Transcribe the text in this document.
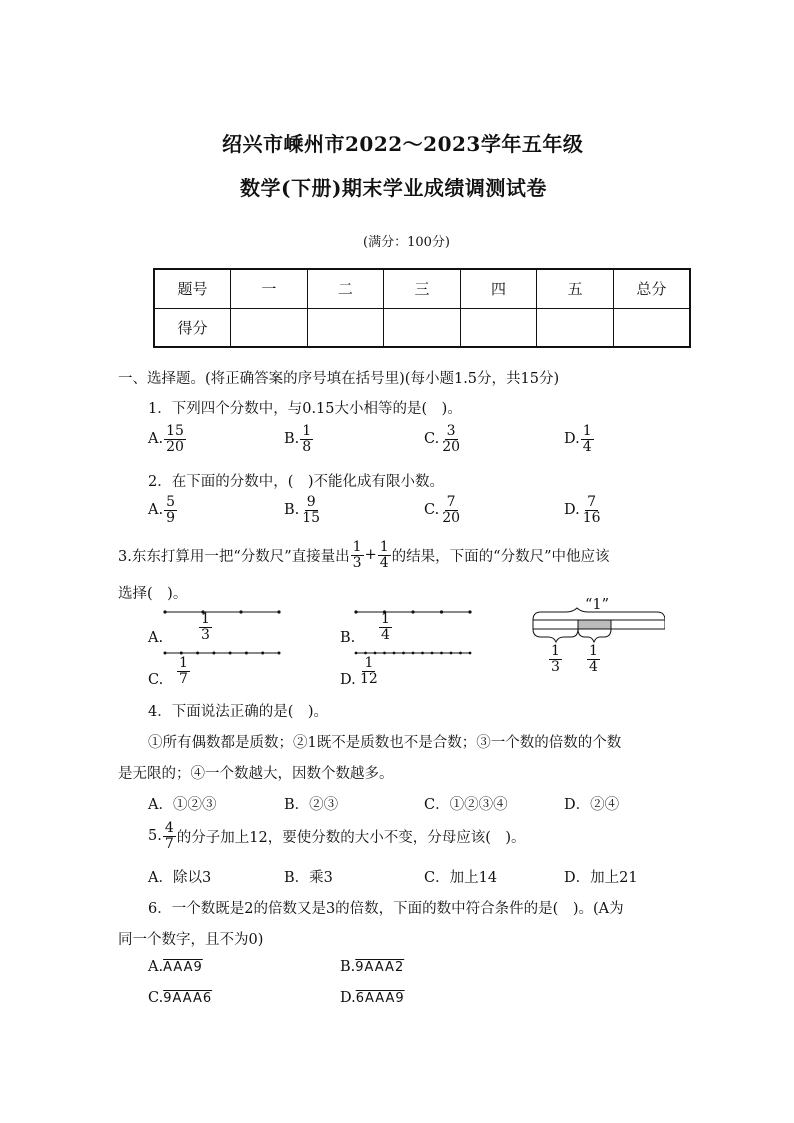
绍兴市嵊州市2022～2023学年五年级
数学(下册)期末学业成绩调测试卷
(满分：100分)
题号	一	二	三	四	五	总分
得分						
一、选择题。(将正确答案的序号填在括号里)(每小题1.5分，共15分)
1．下列四个分数中，与0.15大小相等的是(　)。
A. $\frac{15}{20}$	B. $\frac{1}{8}$	C. $\frac{3}{20}$	D. $\frac{1}{4}$
2．在下面的分数中，(　)不能化成有限小数。
A. $\frac{5}{9}$	B. $\frac{9}{15}$	C. $\frac{7}{20}$	D. $\frac{7}{16}$
3.东东打算用一把“分数尺”直接量出 $\frac{1}{3} + \frac{1}{4}$ 的结果，下面的“分数尺”中他应该
选择(　)。
A.	$\frac{1}{3}$	B. $\frac{1}{4}$
C. $\frac{1}{7}$	D. $\frac{1}{12}$
“1”
$\frac{1}{3} \frac{1}{4}$
4．下面说法正确的是(　)。
①所有偶数都是质数；②1既不是质数也不是合数；③一个数的倍数的个数
是无限的；④一个数越大，因数个数越多。
A．①②③	B．②③	C．①②③④	D．②④
5. $\frac{4}{7}$ 的分子加上12，要使分数的大小不变，分母应该(　)。
A．除以3	B．乘3	C．加上14	D．加上21
6．一个数既是2的倍数又是3的倍数，下面的数中符合条件的是(　)。(A为
同一个数字，且不为0)
A.AAA9	B.9AAA2
C.9AAA6	D.6AAA9
